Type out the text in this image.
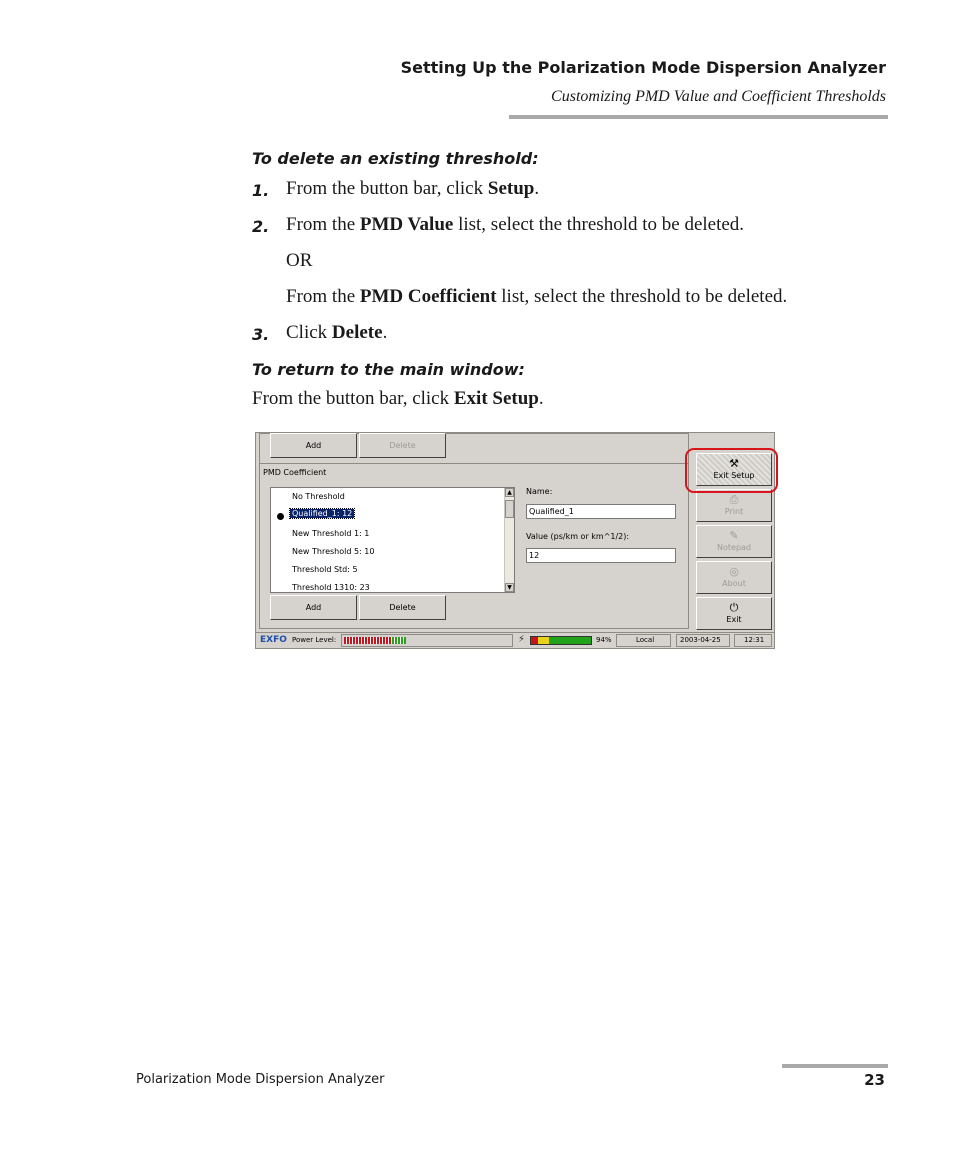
Setting Up the Polarization Mode Dispersion Analyzer
Customizing PMD Value and Coefficient Thresholds
To delete an existing threshold:
1. From the button bar, click Setup.
2. From the PMD Value list, select the threshold to be deleted.
OR
From the PMD Coefficient list, select the threshold to be deleted.
3. Click Delete.
To return to the main window:
From the button bar, click Exit Setup.
Add	Delete
PMD Coefficient
No Threshold
Qualified_1: 12
New Threshold 1: 1
New Threshold 5: 10
Threshold Std: 5
Threshold 1310: 23
▲
▼
Name:
Qualified_1
Value (ps/km or km^1/2):
12
Add	Delete
⚒
Exit Setup
⎙
Print
✎
Notepad
◎
About
⏻
Exit
EXFO Power Level:	⚡	94%	Local	2003-04-25	12:31
Polarization Mode Dispersion Analyzer	23
